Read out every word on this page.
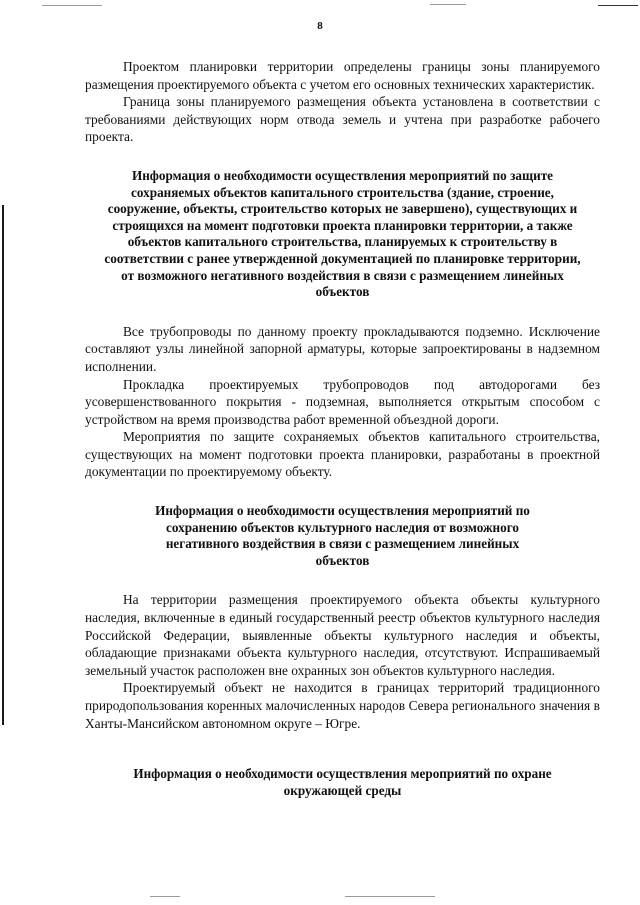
8

Проектом планировки территории определены границы зоны планируемого размещения проектируемого объекта с учетом его основных технических характеристик.

Граница зоны планируемого размещения объекта установлена в соответствии с требованиями действующих норм отвода земель и учтена при разработке рабочего проекта.

Информация о необходимости осуществления мероприятий по защите сохраняемых объектов капитального строительства (здание, строение, сооружение, объекты, строительство которых не завершено), существующих и строящихся на момент подготовки проекта планировки территории, а также объектов капитального строительства, планируемых к строительству в соответствии с ранее утвержденной документацией по планировке территории, от возможного негативного воздействия в связи с размещением линейных объектов

Все трубопроводы по данному проекту прокладываются подземно. Исключение составляют узлы линейной запорной арматуры, которые запроектированы в надземном исполнении.

Прокладка проектируемых трубопроводов под автодорогами без усовершенствованного покрытия - подземная, выполняется открытым способом с устройством на время производства работ временной объездной дороги.

Мероприятия по защите сохраняемых объектов капитального строительства, существующих на момент подготовки проекта планировки, разработаны в проектной документации по проектируемому объекту.

Информация о необходимости осуществления мероприятий по сохранению объектов культурного наследия от возможного негативного воздействия в связи с размещением линейных объектов

На территории размещения проектируемого объекта объекты культурного наследия, включенные в единый государственный реестр объектов культурного наследия Российской Федерации, выявленные объекты культурного наследия и объекты, обладающие признаками объекта культурного наследия, отсутствуют. Испрашиваемый земельный участок расположен вне охранных зон объектов культурного наследия.

Проектируемый объект не находится в границах территорий традиционного природопользования коренных малочисленных народов Севера регионального значения в Ханты-Мансийском автономном округе – Югре.

Информация о необходимости осуществления мероприятий по охране окружающей среды
